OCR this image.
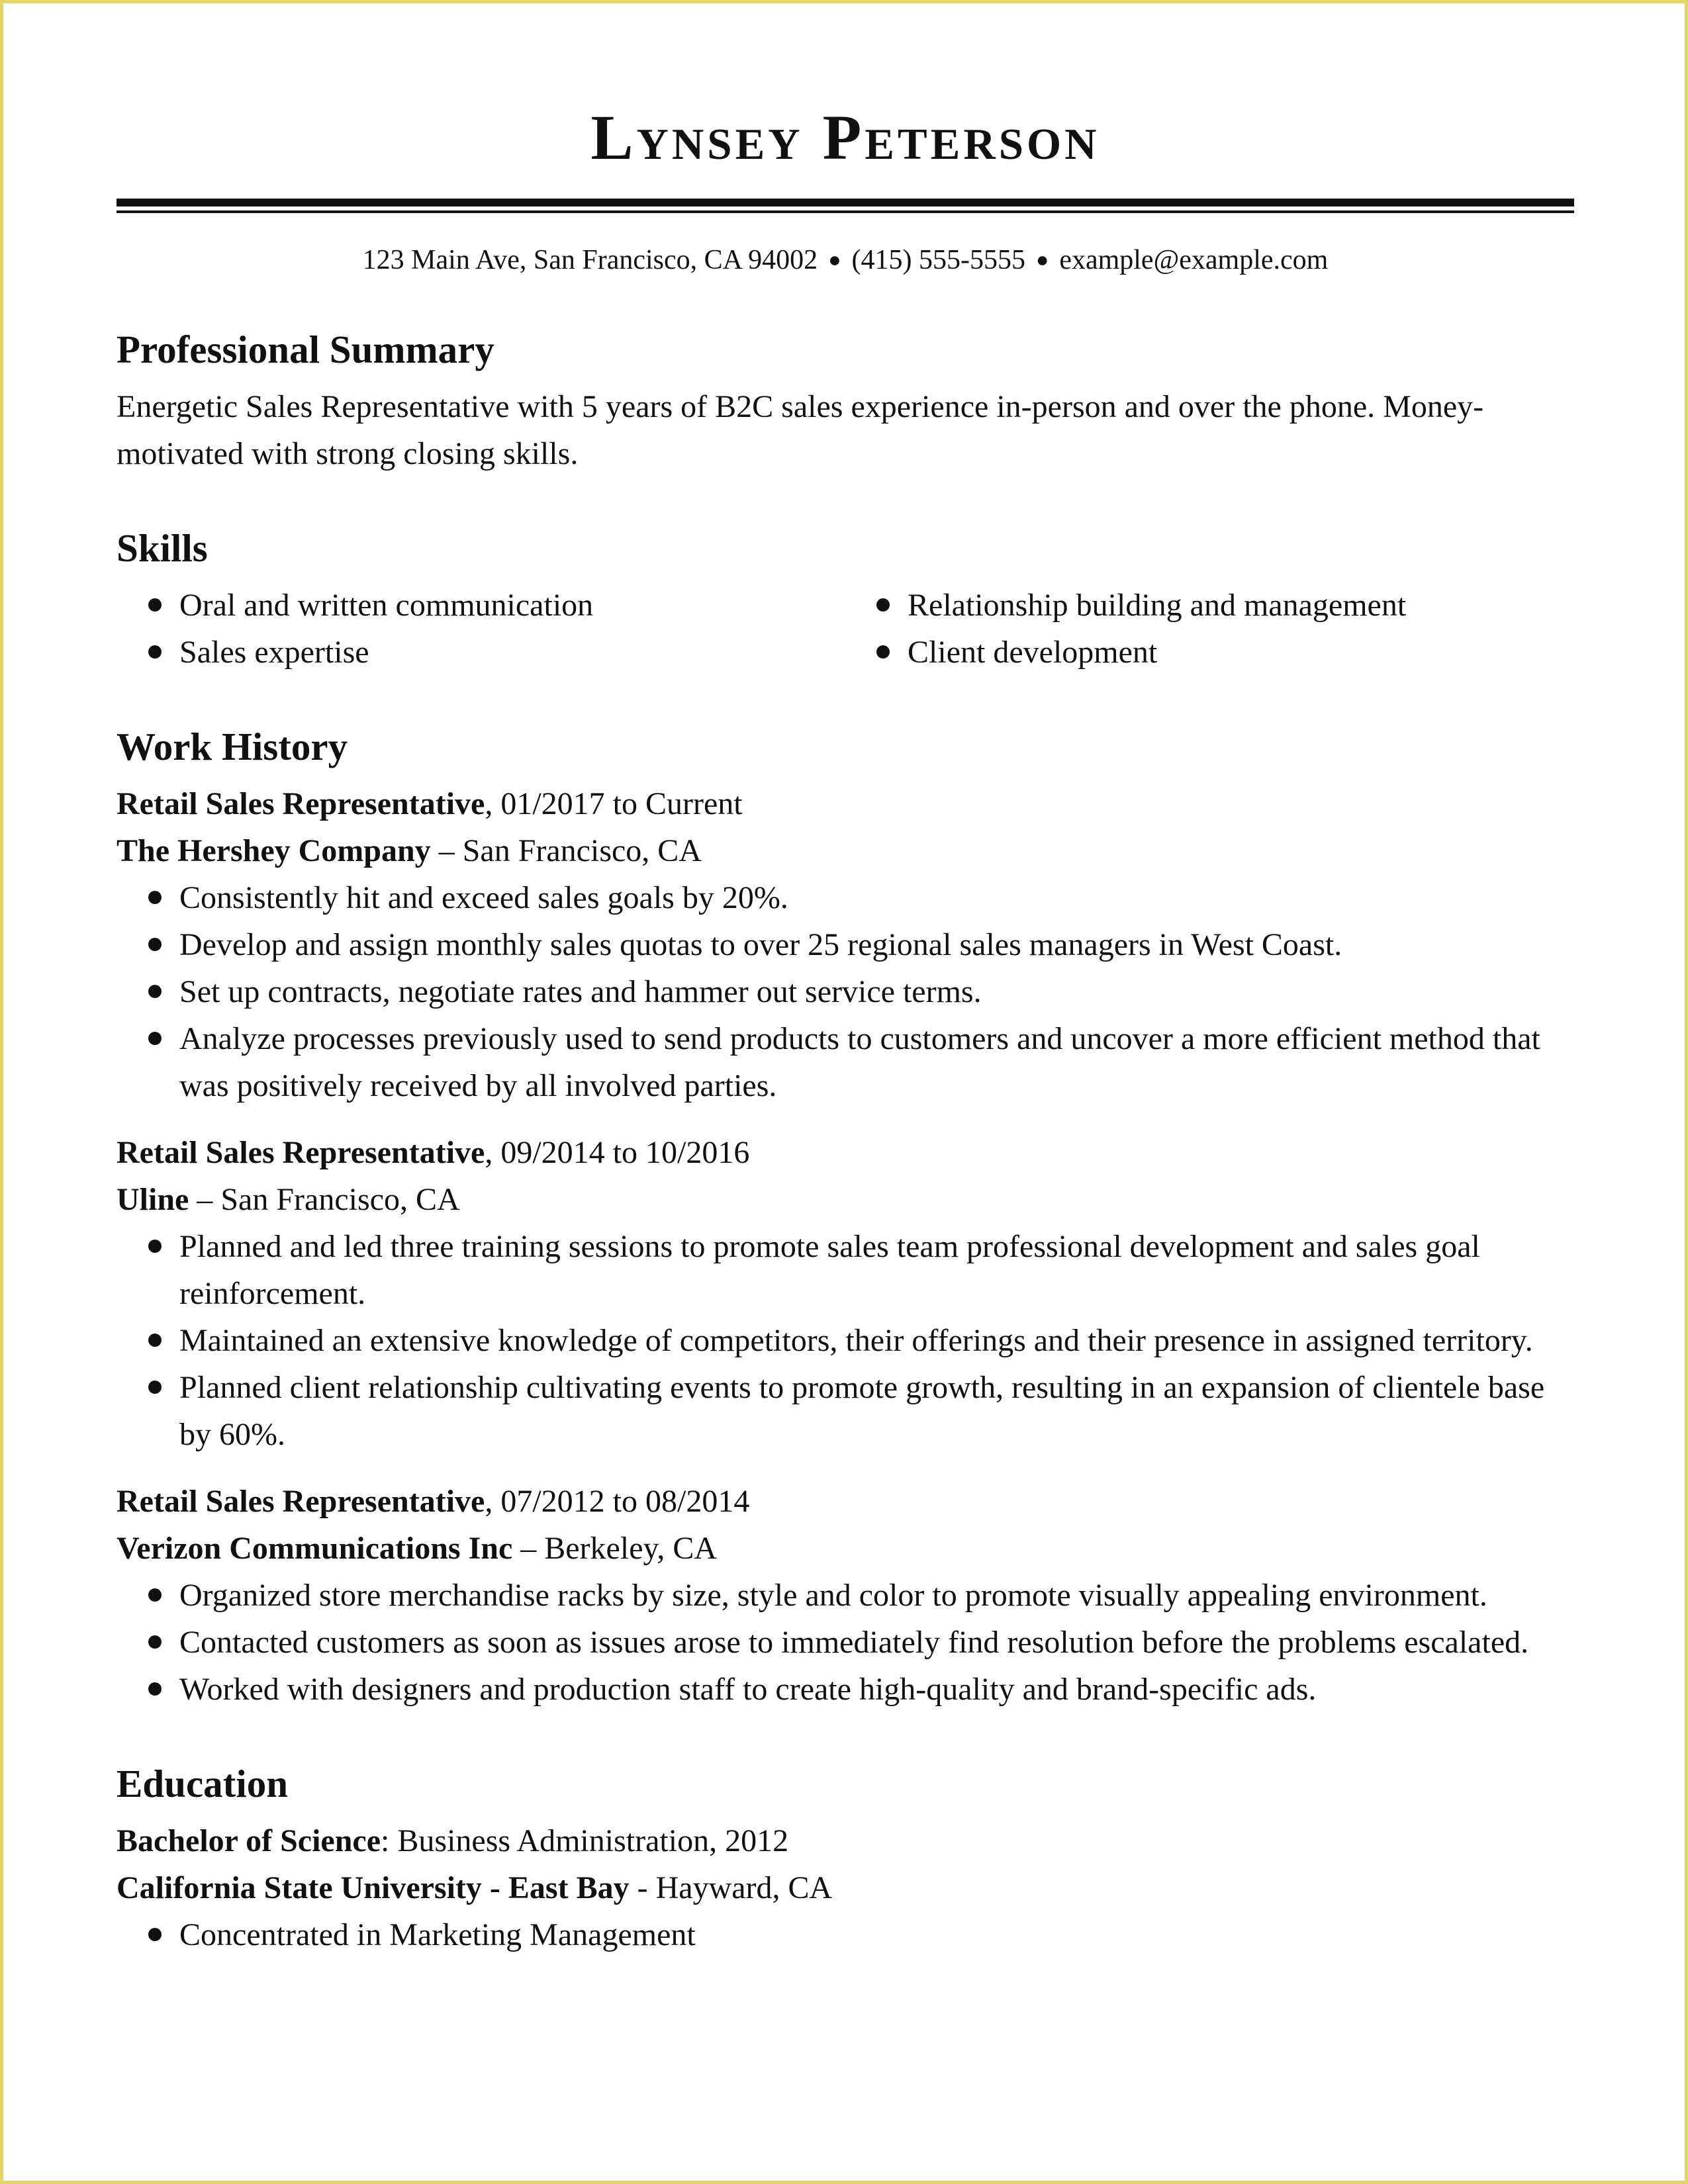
Lynsey Peterson
123 Main Ave, San Francisco, CA 94002 ● (415) 555-5555 ● example@example.com
Professional Summary
Energetic Sales Representative with 5 years of B2C sales experience in-person and over the phone. Money-motivated with strong closing skills.
Skills
Oral and written communication
Sales expertise
Relationship building and management
Client development
Work History
Retail Sales Representative, 01/2017 to Current
The Hershey Company – San Francisco, CA
Consistently hit and exceed sales goals by 20%.
Develop and assign monthly sales quotas to over 25 regional sales managers in West Coast.
Set up contracts, negotiate rates and hammer out service terms.
Analyze processes previously used to send products to customers and uncover a more efficient method that was positively received by all involved parties.
Retail Sales Representative, 09/2014 to 10/2016
Uline – San Francisco, CA
Planned and led three training sessions to promote sales team professional development and sales goal reinforcement.
Maintained an extensive knowledge of competitors, their offerings and their presence in assigned territory.
Planned client relationship cultivating events to promote growth, resulting in an expansion of clientele base by 60%.
Retail Sales Representative, 07/2012 to 08/2014
Verizon Communications Inc – Berkeley, CA
Organized store merchandise racks by size, style and color to promote visually appealing environment.
Contacted customers as soon as issues arose to immediately find resolution before the problems escalated.
Worked with designers and production staff to create high-quality and brand-specific ads.
Education
Bachelor of Science: Business Administration, 2012
California State University - East Bay - Hayward, CA
Concentrated in Marketing Management
